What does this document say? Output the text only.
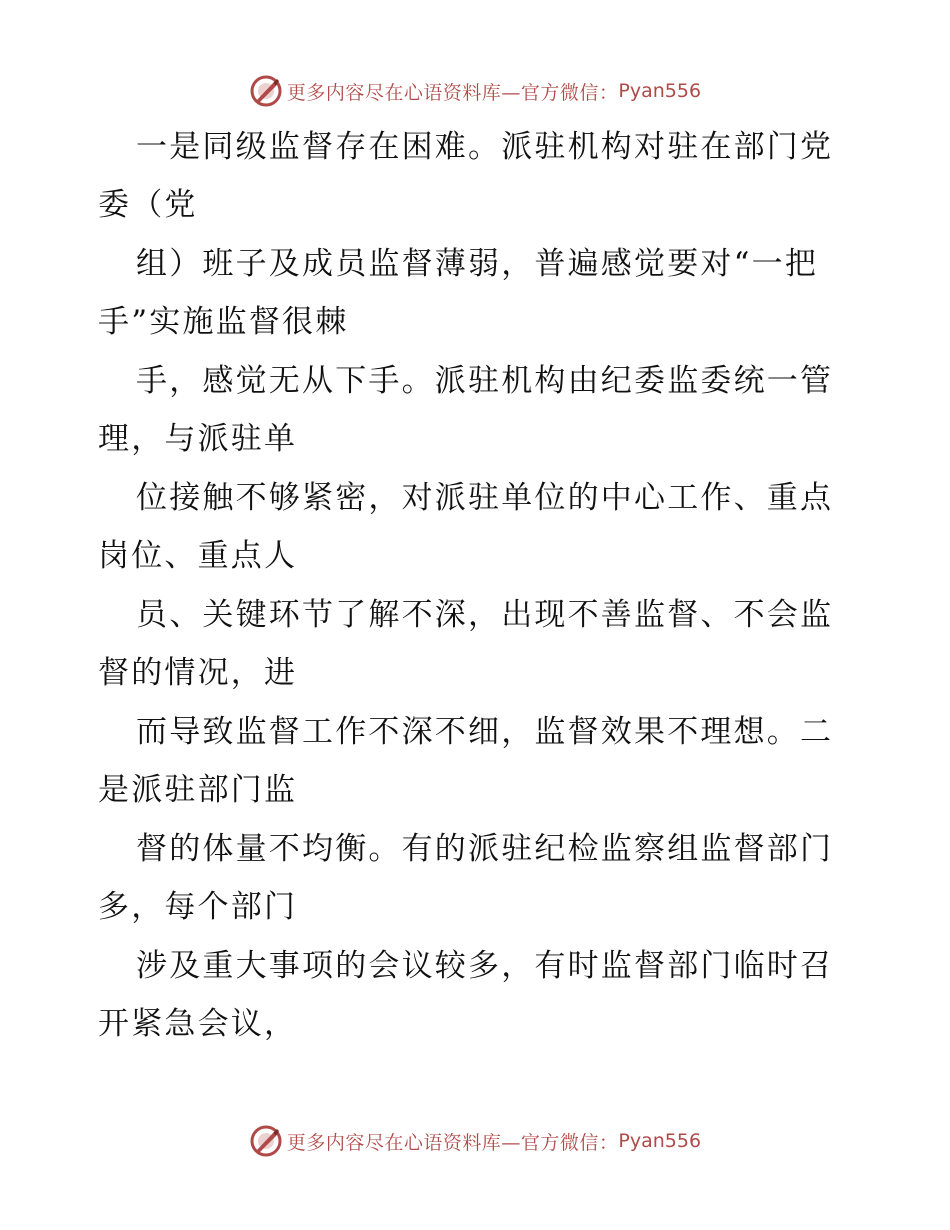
更多内容尽在心语资料库—官方微信： Pyan556
一是同级监督存在困难。派驻机构对驻在部门党
委（党
组）班子及成员监督薄弱，普遍感觉要对“一把
手”实施监督很棘
手，感觉无从下手。派驻机构由纪委监委统一管
理，与派驻单
位接触不够紧密，对派驻单位的中心工作、重点
岗位、重点人
员、关键环节了解不深，出现不善监督、不会监
督的情况，进
而导致监督工作不深不细，监督效果不理想。二
是派驻部门监
督的体量不均衡。有的派驻纪检监察组监督部门
多，每个部门
涉及重大事项的会议较多，有时监督部门临时召
开紧急会议，
更多内容尽在心语资料库—官方微信： Pyan556
